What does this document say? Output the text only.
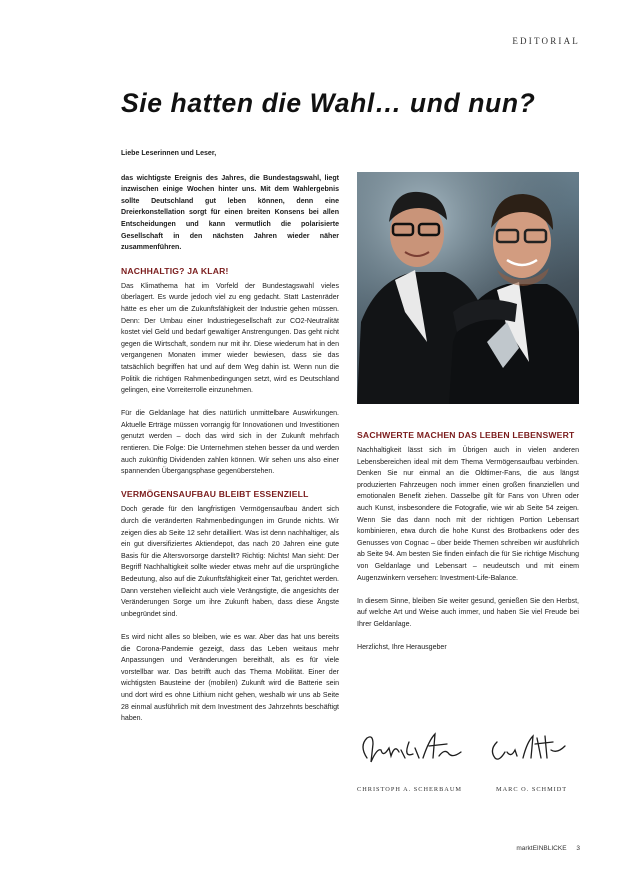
EDITORIAL
Sie hatten die Wahl… und nun?

Liebe Leserinnen und Leser,

das wichtigste Ereignis des Jahres, die Bundestagswahl, liegt inzwischen einige Wochen hinter uns. Mit dem Wahlergebnis sollte Deutschland gut leben können, denn eine Dreierkonstellation sorgt für einen breiten Konsens bei allen Entscheidungen und kann vermutlich die polarisierte Gesellschaft in den nächsten Jahren wieder näher zusammenführen.

NACHHALTIG? JA KLAR!

Das Klimathema hat im Vorfeld der Bundestagswahl vieles überlagert. Es wurde jedoch viel zu eng gedacht. Statt Lastenräder hätte es eher um die Zukunftsfähigkeit der Industrie gehen müssen. Denn: Der Umbau einer Industriegesellschaft zur CO2-Neutralität kostet viel Geld und bedarf gewaltiger Anstrengungen. Das geht nicht gegen die Wirtschaft, sondern nur mit ihr. Diese wiederum hat in den vergangenen Monaten immer wieder bewiesen, dass sie das tatsächlich begriffen hat und auf dem Weg dahin ist. Wenn nun die Politik die richtigen Rahmenbedingungen setzt, wird es Deutschland gelingen, eine Vorreiterrolle einzunehmen.

Für die Geldanlage hat dies natürlich unmittelbare Auswirkungen. Aktuelle Erträge müssen vorrangig für Innovationen und Investitionen genutzt werden – doch das wird sich in der Zukunft mehrfach rentieren. Die Folge: Die Unternehmen stehen besser da und werden auch zukünftig Dividenden zahlen können. Wir sehen uns also einer spannenden Übergangsphase gegenüberstehen.

VERMÖGENSAUFBAU BLEIBT ESSENZIELL

Doch gerade für den langfristigen Vermögensaufbau ändert sich durch die veränderten Rahmenbedingungen im Grunde nichts. Wir zeigen dies ab Seite 12 sehr detailliert. Was ist denn nachhaltiger, als ein gut diversifiziertes Aktiendepot, das nach 20 Jahren eine gute Basis für die Altersvorsorge darstellt? Richtig: Nichts! Man sieht: Der Begriff Nachhaltigkeit sollte wieder etwas mehr auf die ursprüngliche Bedeutung, also auf die Zukunftsfähigkeit einer Tat, gerichtet werden. Dann verstehen vielleicht auch viele Verängstigte, die angesichts der Veränderungen Sorge um ihre Zukunft haben, dass diese Ängste unbegründet sind.

Es wird nicht alles so bleiben, wie es war. Aber das hat uns bereits die Corona-Pandemie gezeigt, dass das Leben weitaus mehr Anpassungen und Veränderungen bereithält, als es für viele vorstellbar war. Das betrifft auch das Thema Mobilität. Einer der wichtigsten Bausteine der (mobilen) Zukunft wird die Batterie sein und dort wird es ohne Lithium nicht gehen, weshalb wir uns ab Seite 28 einmal ausführlich mit dem Investment des Jahrzehnts beschäftigt haben.

SACHWERTE MACHEN DAS LEBEN LEBENSWERT

Nachhaltigkeit lässt sich im Übrigen auch in vielen anderen Lebensbereichen ideal mit dem Thema Vermögensaufbau verbinden. Denken Sie nur einmal an die Oldtimer-Fans, die aus längst produzierten Fahrzeugen noch immer einen großen finanziellen und emotionalen Benefit ziehen. Dasselbe gilt für Fans von Uhren oder auch Kunst, insbesondere die Fotografie, wie wir ab Seite 54 zeigen. Wenn Sie das dann noch mit der richtigen Portion Lebensart kombinieren, etwa durch die hohe Kunst des Brotbackens oder des Genusses von Cognac – über beide Themen schreiben wir ausführlich ab Seite 94. Am besten Sie finden einfach die für Sie richtige Mischung von Geldanlage und Lebensart – neudeutsch und mit einem Augenzwinkern versehen: Investment-Life-Balance.

In diesem Sinne, bleiben Sie weiter gesund, genießen Sie den Herbst, auf welche Art und Weise auch immer, und haben Sie viel Freude bei Ihrer Geldanlage.

Herzlichst, Ihre Herausgeber

CHRISTOPH A. SCHERBAUM	MARC O. SCHMIDT
marktEINBLICKE 3
